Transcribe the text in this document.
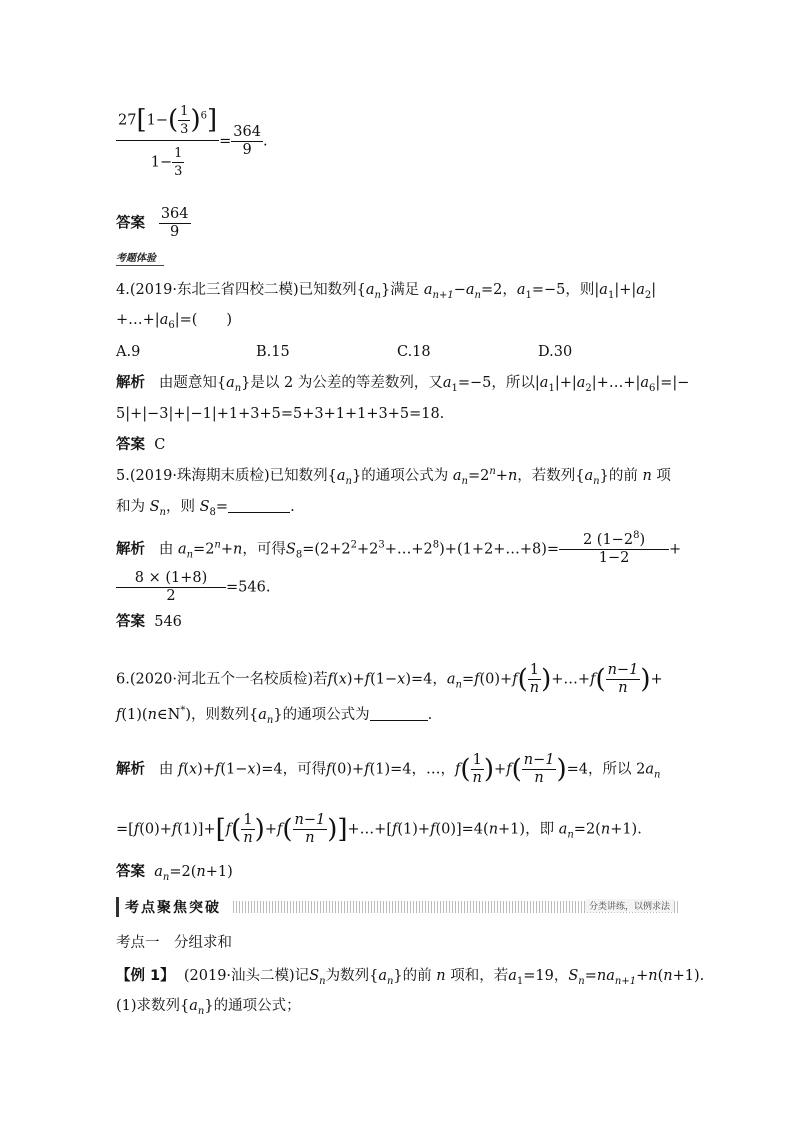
$\frac{27[1-( \frac{1}{3} )^6]}{1- \frac{1}{3}} = \frac{364}{9}$ .
答案 $\frac{364}{9}$
考题体验
4.(2019·东北三省四校二模)已知数列$\{a_n\}$满足 $a_{n+1}-a_n=2$，$a_1=-5$，则$|a_1|+|a_2|$
$+\dots+|a_6|=$(　　)
A.9	B.15	C.18	D.30
解析 由题意知$\{a_n\}$是以 2 为公差的等差数列，又$a_1=-5$，所以$|a_1|+|a_2|+\dots+|a_6|=|-$
5|+|−3|+|−1|+1+3+5=5+3+1+1+3+5=18.
答案 C
5.(2019·珠海期末质检)已知数列$\{a_n\}$的通项公式为 $a_n=2^n+n$，若数列$\{a_n\}$的前 n 项
和为 $S_n$，则 $S_8=$	.
解析 由 $a_n=2^n+n$，可得$S_8=(2+2^2+2^3+\dots+2^8)+(1+2+\dots+8)= \frac{2 (1-2^8)}{1-2}$ +
$\frac{8 \times (1+8)}{2} =546$.
答案 546
6.(2020·河北五个一名校质检)若f(x)+f(1−x)=4，$a_n=f(0)+f( \frac{1}{n}$ )+…+f( $\frac{n-1}{n}$ )+
f(1)(n∈N*)，则数列$\{a_n\}$的通项公式为	.
解析 由 f(x)+f(1−x)=4，可得f(0)+f(1)=4，…，$f( \frac{1}{n} )+f( \frac{n-1}{n} )=4$，所以 $2a_n$
$=[f(0)+f(1)]+[f( \frac{1}{n} )+f( \frac{n-1}{n}$ )]+…+[f(1)+f(0)]=4(n+1)，即 $a_n=2(n+1)$.
答案 $a_n=2(n+1)$
考点聚焦突破	分类讲练，以例求法
考点一　分组求和
【例 1】 (2019·汕头二模)记$S_n$为数列$\{a_n\}$的前 n 项和，若$a_1=19$，$S_n=na_{n+1}+n(n+1)$.
(1)求数列$\{a_n\}$的通项公式；
